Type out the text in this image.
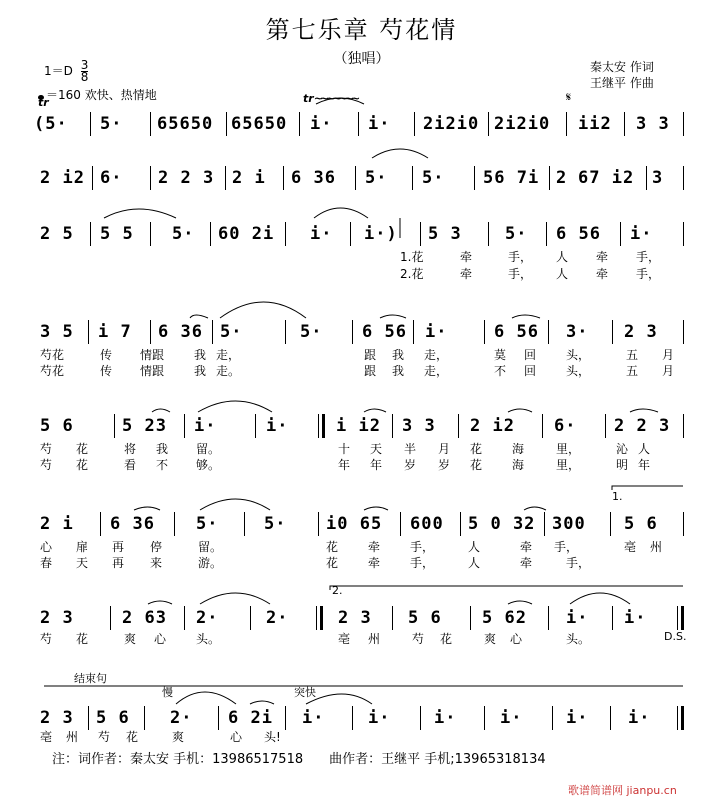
第七乐章 芍花情
（独唱）	秦太安 作词
王继平 作曲
$1=D \frac{3}{8}$
＝160 欢快、热情地
tr	tr~~~~~~~	𝄋
(5· 5· 65650 65650 i· i· 2i2i0 2i2i0 ii2 3 3
2 i2 6· 2 2 3 2 i 6 36 5· 5· 56 7i 2 67 i2 3
2 5 5 5 5· 60 2i i· i·) 5 3	5· 6 56 i·
1.花	牵	手， 人 牵 手，
2.花	牵	手， 人 牵 手，
3 5 i 7 6 36 5·	5· 6 56 i·	6 56 3· 2 3
芍花	传 情跟 我 走，	跟 我 走，	莫 回 头，	五 月
芍花	传 情跟 我 走。	跟 我 走，	不 回 头，	五 月
5 6	5 23 i·	i·	i i2 3 3 2 i2 6· 2 2 3
芍 花	将 我 留。	十 天 半 月 花 海	里，	沁 人
芍 花	看 不 够。	年 年 岁 岁 花 海	里，	明 年
1.
2 i 6 36 5·	5· i0 65 600 5 0 32 300 5 6
心 扉 再 停	留。	花 牵 手，	人	牵 手，	亳 州
春 天 再 来	游。	花 牵 手，	人	牵	手，
2.
2 3	2 63 2·	2·	2 3 5 6 5 62 i· i·
D.S.
芍 花	爽 心 头。	亳 州	芍 花	爽 心	头。
结束句
慢	突快
2 3 5 6 2· 6 2i i·	i·	i·	i·	i· i·
亳 州 芍 花	爽	心 头!
注：词作者：秦太安 手机：13986517518　　曲作者：王继平 手机;13965318134
歌谱简谱网 jianpu.cn
